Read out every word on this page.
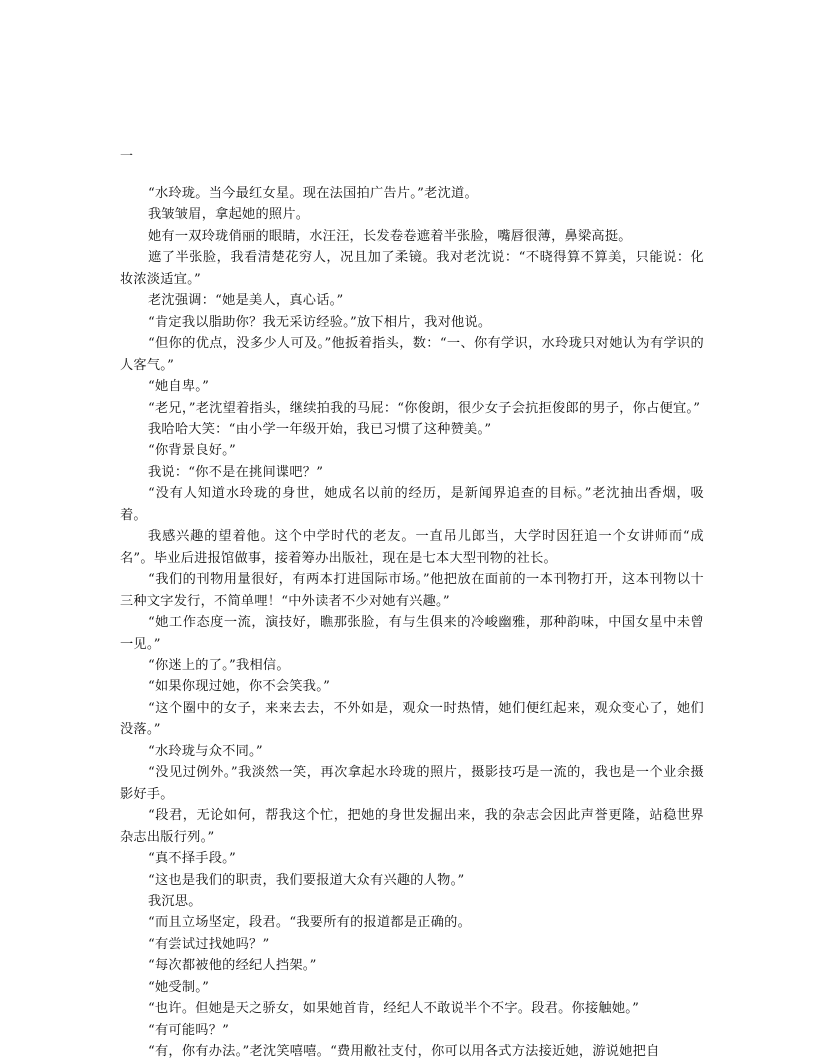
一

“水玲珑。当今最红女星。现在法国拍广告片。”老沈道。

我皱皱眉，拿起她的照片。

她有一双玲珑俏丽的眼睛，水汪汪，长发卷卷遮着半张脸，嘴唇很薄，鼻梁高挺。

遮了半张脸，我看清楚花穷人，况且加了柔镜。我对老沈说：“不晓得算不算美，只能说：化妆浓淡适宜。”

老沈强调：“她是美人，真心话。”

“肯定我以脂助你？我无采访经验。”放下相片，我对他说。

“但你的优点，没多少人可及。”他扳着指头，数：“一、你有学识，水玲珑只对她认为有学识的人客气。”

“她自卑。”

“老兄，”老沈望着指头，继续拍我的马屁：“你俊朗，很少女子会抗拒俊郎的男子，你占便宜。”

我哈哈大笑：“由小学一年级开始，我已习惯了这种赞美。”

“你背景良好。”

我说：“你不是在挑间谍吧？”

“没有人知道水玲珑的身世，她成名以前的经历，是新闻界追查的目标。”老沈抽出香烟，吸着。

我感兴趣的望着他。这个中学时代的老友。一直吊儿郎当，大学时因狂追一个女讲师而“成名”。毕业后进报馆做事，接着筹办出版社，现在是七本大型刊物的社长。

“我们的刊物用量很好，有两本打进国际市场。”他把放在面前的一本刊物打开，这本刊物以十三种文字发行，不简单哩！“中外读者不少对她有兴趣。”

“她工作态度一流，演技好，瞧那张脸，有与生俱来的冷峻幽雅，那种韵味，中国女星中未曾一见。”

“你迷上的了。”我相信。

“如果你现过她，你不会笑我。”

“这个圈中的女子，来来去去，不外如是，观众一时热情，她们便红起来，观众变心了，她们没落。”

“水玲珑与众不同。”

“没见过例外。”我淡然一笑，再次拿起水玲珑的照片，摄影技巧是一流的，我也是一个业余摄影好手。

“段君，无论如何，帮我这个忙，把她的身世发掘出来，我的杂志会因此声誉更隆，站稳世界杂志出版行列。”

“真不择手段。”

“这也是我们的职责，我们要报道大众有兴趣的人物。”

我沉思。

“而且立场坚定，段君。“我要所有的报道都是正确的。

“有尝试过找她吗？”

“每次都被他的经纪人挡架。”

“她受制。”

“也许。但她是天之骄女，如果她首肯，经纪人不敢说半个不字。段君。你接触她。”

“有可能吗？”

“有，你有办法。”老沈笑嘻嘻。“费用敝社支付，你可以用各式方法接近她，游说她把自
